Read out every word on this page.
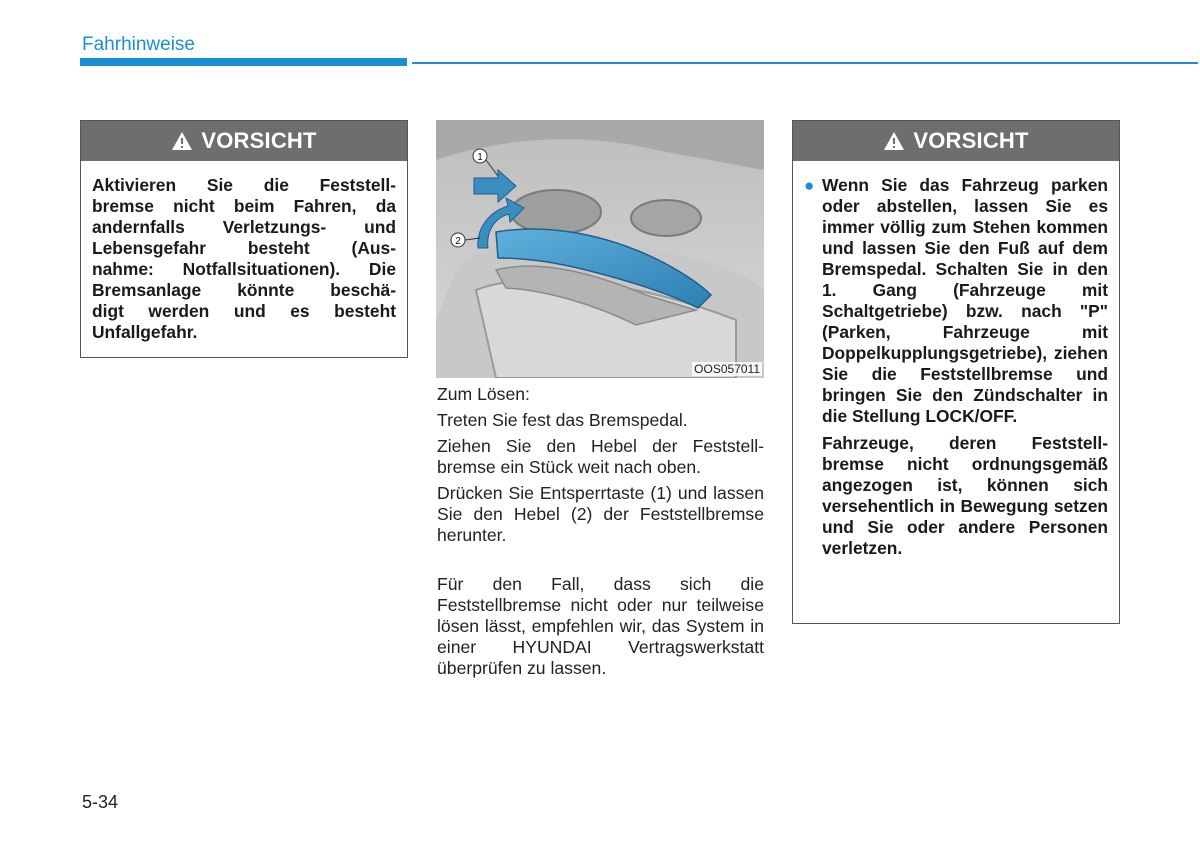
Fahrhinweise
VORSICHT
Aktivieren Sie die Feststell-
bremse nicht beim Fahren, da
andernfalls Verletzungs- und
Lebensgefahr besteht (Aus-
nahme: Notfallsituationen). Die
Bremsanlage könnte beschä-
digt werden und es besteht
Unfallgefahr.
1
2
OOS057011

Zum Lösen:

Treten Sie fest das Bremspedal.

Ziehen Sie den Hebel der Feststell-bremse ein Stück weit nach oben.

Drücken Sie Entsperrtaste (1) und lassen Sie den Hebel (2) der Feststellbremse herunter.

Für den Fall, dass sich die Feststellbremse nicht oder nur teilweise lösen lässt, empfehlen wir, das System in einer HYUNDAI Vertragswerkstatt überprüfen zu lassen.

VORSICHT
● Wenn Sie das Fahrzeug parken oder abstellen, lassen Sie es immer völlig zum Stehen kommen und lassen Sie den Fuß auf dem Bremspedal. Schalten Sie in den 1. Gang (Fahrzeuge mit Schaltgetriebe) bzw. nach "P" (Parken, Fahrzeuge mit Doppelkupplungsgetriebe), ziehen Sie die Feststellbremse und bringen Sie den Zündschalter in die Stellung LOCK/OFF.
Fahrzeuge, deren Feststell-bremse nicht ordnungsgemäß angezogen ist, können sich versehentlich in Bewegung setzen und Sie oder andere Personen verletzen.
5-34
